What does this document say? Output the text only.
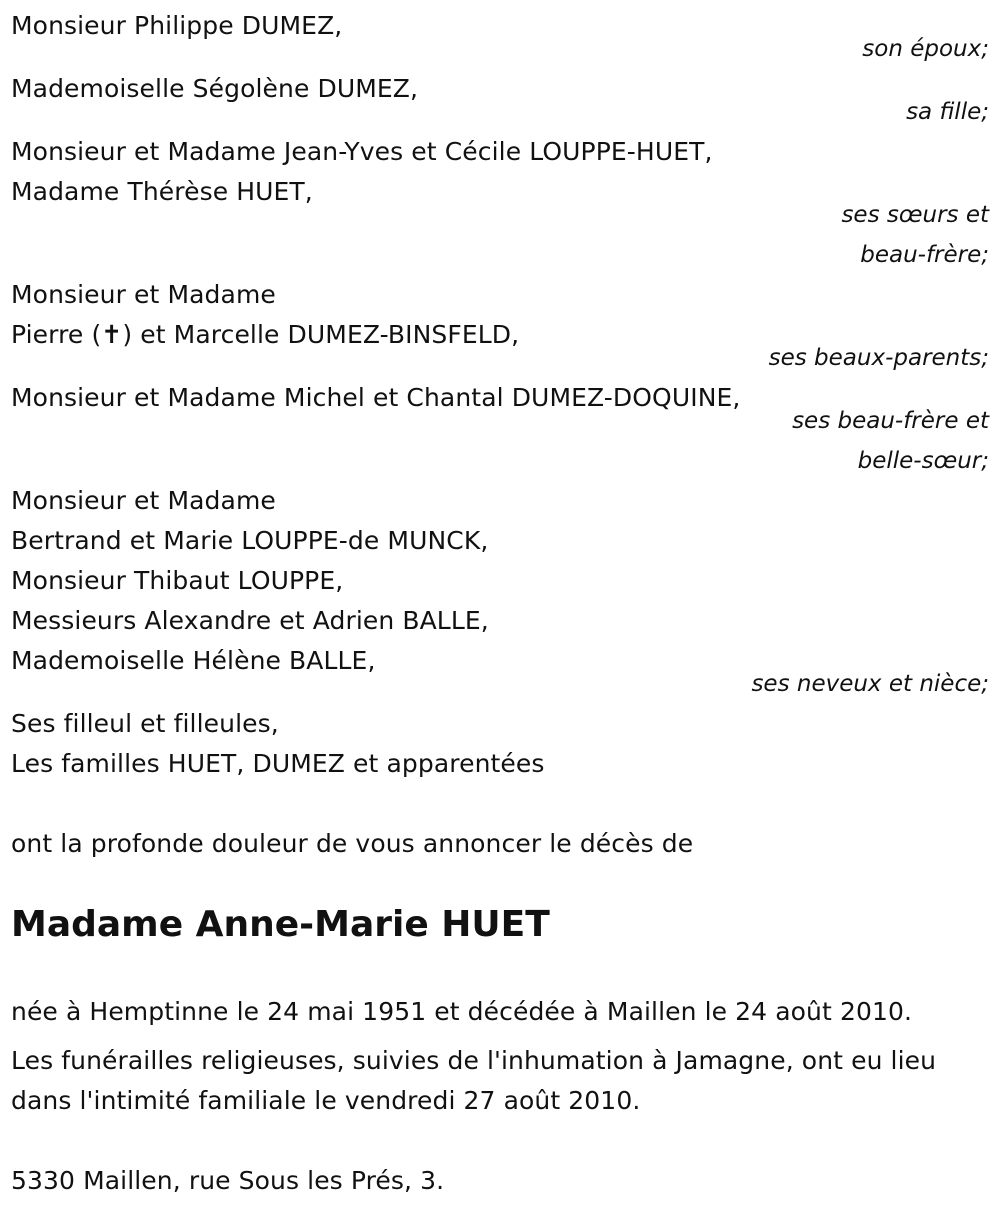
Monsieur Philippe DUMEZ,
son époux;
Mademoiselle Ségolène DUMEZ,
sa fille;
Monsieur et Madame Jean-Yves et Cécile LOUPPE-HUET,
Madame Thérèse HUET,
ses sœurs et
beau-frère;
Monsieur et Madame
Pierre (✝) et Marcelle DUMEZ-BINSFELD,
ses beaux-parents;
Monsieur et Madame Michel et Chantal DUMEZ-DOQUINE,
ses beau-frère et
belle-sœur;
Monsieur et Madame
Bertrand et Marie LOUPPE-de MUNCK,
Monsieur Thibaut LOUPPE,
Messieurs Alexandre et Adrien BALLE,
Mademoiselle Hélène BALLE,
ses neveux et nièce;
Ses filleul et filleules,
Les familles HUET, DUMEZ et apparentées
ont la profonde douleur de vous annoncer le décès de
Madame Anne-Marie HUET
née à Hemptinne le 24 mai 1951 et décédée à Maillen le 24 août 2010.
Les funérailles religieuses, suivies de l'inhumation à Jamagne, ont eu lieu
dans l'intimité familiale le vendredi 27 août 2010.
5330 Maillen, rue Sous les Prés, 3.
